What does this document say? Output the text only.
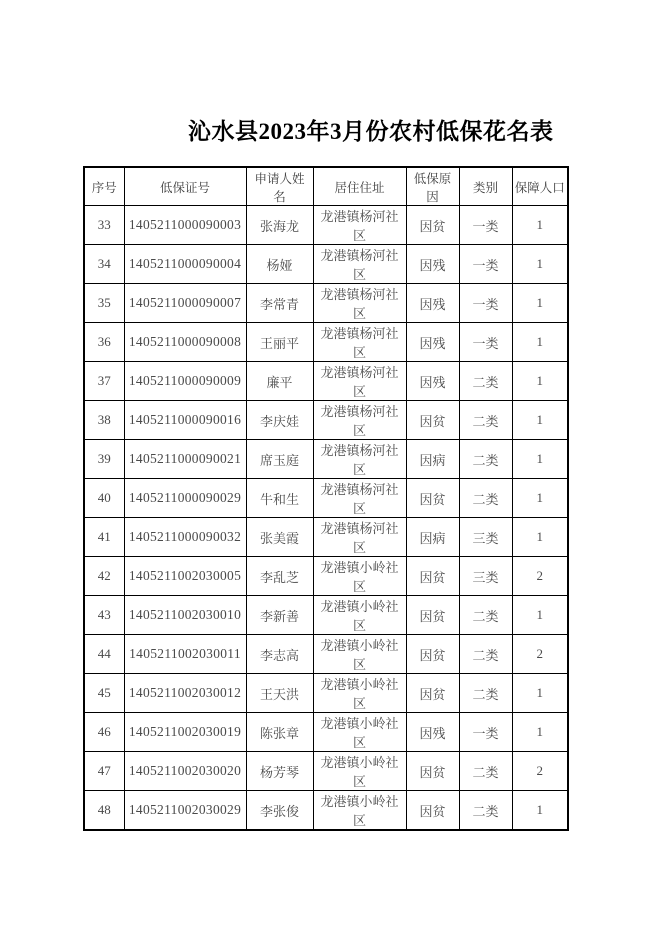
沁水县2023年3月份农村低保花名表
序号	低保证号	申请人姓名	居住住址	低保原因	类别	保障人口
33	1405211000090003	张海龙	龙港镇杨河社区	因贫	一类	1
34	1405211000090004	杨娅	龙港镇杨河社区	因残	一类	1
35	1405211000090007	李常青	龙港镇杨河社区	因残	一类	1
36	1405211000090008	王丽平	龙港镇杨河社区	因残	一类	1
37	1405211000090009	廉平	龙港镇杨河社区	因残	二类	1
38	1405211000090016	李庆娃	龙港镇杨河社区	因贫	二类	1
39	1405211000090021	席玉庭	龙港镇杨河社区	因病	二类	1
40	1405211000090029	牛和生	龙港镇杨河社区	因贫	二类	1
41	1405211000090032	张美霞	龙港镇杨河社区	因病	三类	1
42	1405211002030005	李乱芝	龙港镇小岭社区	因贫	三类	2
43	1405211002030010	李新善	龙港镇小岭社区	因贫	二类	1
44	1405211002030011	李志高	龙港镇小岭社区	因贫	二类	2
45	1405211002030012	王天洪	龙港镇小岭社区	因贫	二类	1
46	1405211002030019	陈张章	龙港镇小岭社区	因残	一类	1
47	1405211002030020	杨芳琴	龙港镇小岭社区	因贫	二类	2
48	1405211002030029	李张俊	龙港镇小岭社区	因贫	二类	1
